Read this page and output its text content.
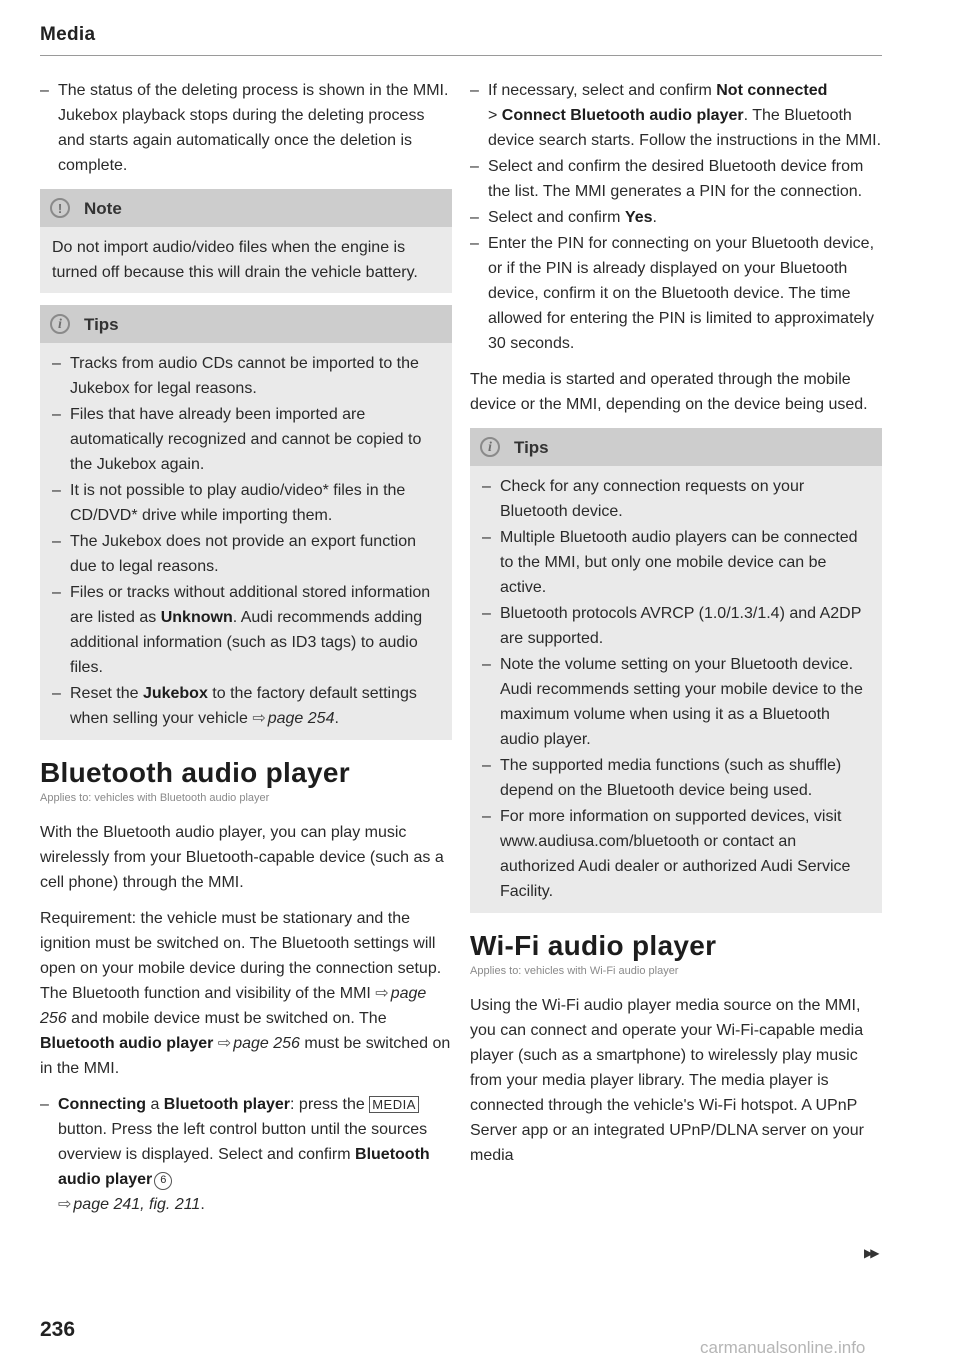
Media
– The status of the deleting process is shown in the MMI. Jukebox playback stops during the deleting process and starts again automatically once the deletion is complete.
!	Note
Do not import audio/video files when the engine is turned off because this will drain the vehicle battery.
i	Tips
– Tracks from audio CDs cannot be imported to the Jukebox for legal reasons.
– Files that have already been imported are automatically recognized and cannot be copied to the Jukebox again.
– It is not possible to play audio/video* files in the CD/DVD* drive while importing them.
– The Jukebox does not provide an export function due to legal reasons.
– Files or tracks without additional stored information are listed as Unknown. Audi recommends adding additional information (such as ID3 tags) to audio files.
– Reset the Jukebox to the factory default settings when selling your vehicle ⇨ page 254.
Bluetooth audio player
Applies to: vehicles with Bluetooth audio player

With the Bluetooth audio player, you can play music wirelessly from your Bluetooth-capable device (such as a cell phone) through the MMI.

Requirement: the vehicle must be stationary and the ignition must be switched on. The Bluetooth settings will open on your mobile device during the connection setup. The Bluetooth function and visibility of the MMI ⇨ page 256 and mobile device must be switched on. The Bluetooth audio player ⇨ page 256 must be switched on in the MMI.

– Connecting a Bluetooth player: press the MEDIA button. Press the left control button until the sources overview is displayed. Select and confirm Bluetooth audio player 6
⇨ page 241, fig. 211.
– If necessary, select and confirm Not connected
> Connect Bluetooth audio player. The Bluetooth device search starts. Follow the instructions in the MMI.
– Select and confirm the desired Bluetooth device from the list. The MMI generates a PIN for the connection.
– Select and confirm Yes.
– Enter the PIN for connecting on your Bluetooth device, or if the PIN is already displayed on your Bluetooth device, confirm it on the Bluetooth device. The time allowed for entering the PIN is limited to approximately 30 seconds.

The media is started and operated through the mobile device or the MMI, depending on the device being used.

i	Tips
– Check for any connection requests on your Bluetooth device.
– Multiple Bluetooth audio players can be connected to the MMI, but only one mobile device can be active.
– Bluetooth protocols AVRCP (1.0/1.3/1.4) and A2DP are supported.
– Note the volume setting on your Bluetooth device. Audi recommends setting your mobile device to the maximum volume when using it as a Bluetooth audio player.
– The supported media functions (such as shuffle) depend on the Bluetooth device being used.
– For more information on supported devices, visit www.audiusa.com/bluetooth or contact an authorized Audi dealer or authorized Audi Service Facility.
Wi-Fi audio player
Applies to: vehicles with Wi-Fi audio player

Using the Wi-Fi audio player media source on the MMI, you can connect and operate your Wi-Fi-capable media player (such as a smartphone) to wirelessly play music from your media player library. The media player is connected through the vehicle's Wi-Fi hotspot. A UPnP Server app or an integrated UPnP/DLNA server on your media

▶▶
236
carmanualsonline.info
